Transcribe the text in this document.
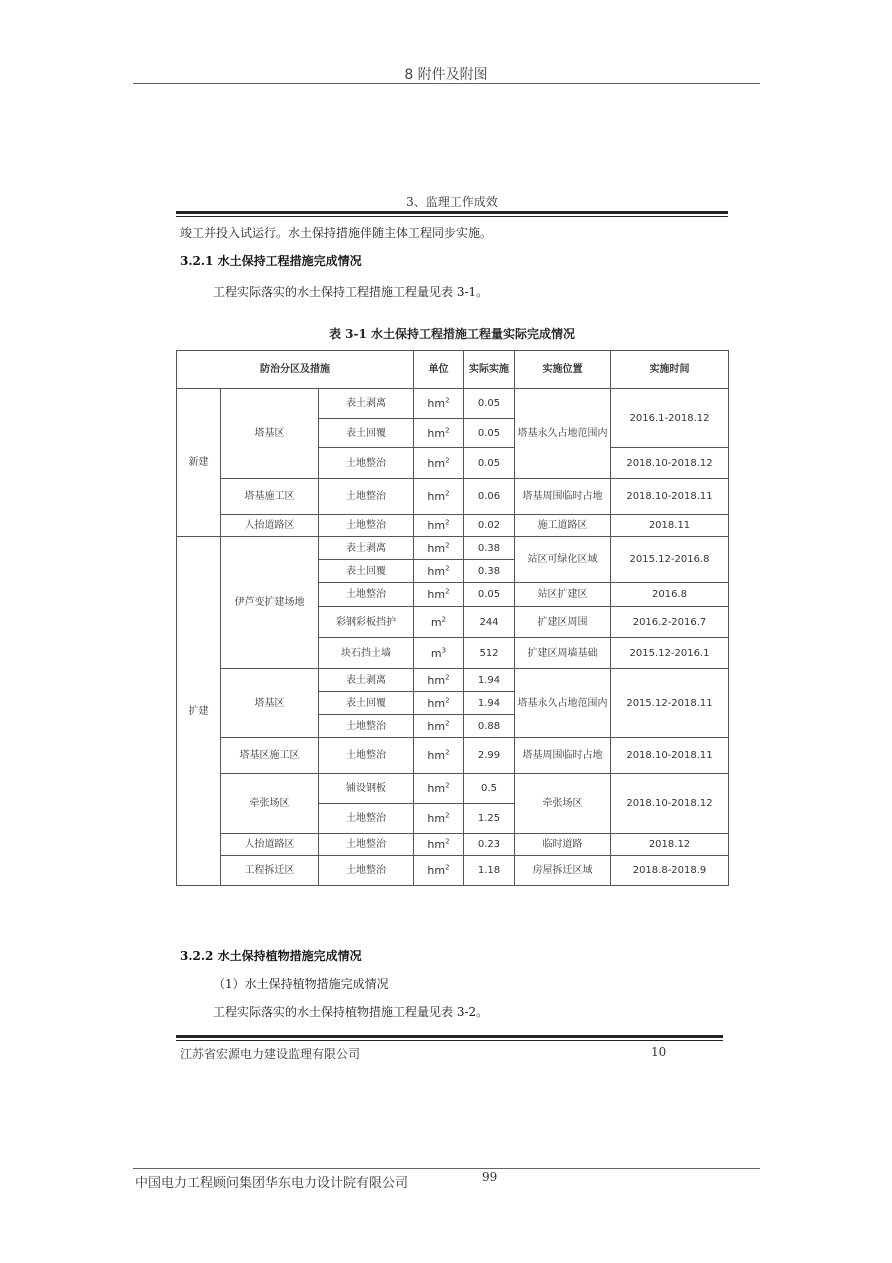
8 附件及附图
3、监理工作成效
竣工并投入试运行。水土保持措施伴随主体工程同步实施。
3.2.1 水土保持工程措施完成情况
工程实际落实的水土保持工程措施工程量见表 3-1。
表 3-1 水土保持工程措施工程量实际完成情况
防治分区及措施			单位	实际实施	实施位置	实施时间
新建	塔基区	表土剥离	$hm^2$	0.05	塔基永久占地范围内	2016.1-2018.12
		表土回覆	$hm^2$	0.05		
		土地整治	$hm^2$	0.05		2018.10-2018.12
	塔基施工区	土地整治	$hm^2$	0.06	塔基周围临时占地	2018.10-2018.11
	人抬道路区	土地整治	$hm^2$	0.02	施工道路区	2018.11
扩建	伊芦变扩建场地	表土剥离	$hm^2$	0.38	站区可绿化区域	2015.12-2016.8
		表土回覆	$hm^2$	0.38		
		土地整治	$hm^2$	0.05	站区扩建区	2016.8
		彩钢彩板挡护	$m^2$	244	扩建区周围	2016.2-2016.7
		块石挡土墙	$m^3$	512	扩建区周墙基础	2015.12-2016.1
	塔基区	表土剥离	$hm^2$	1.94	塔基永久占地范围内	2015.12-2018.11
		表土回覆	$hm^2$	1.94		
		土地整治	$hm^2$	0.88		
	塔基区施工区	土地整治	$hm^2$	2.99	塔基周围临时占地	2018.10-2018.11
	牵张场区	铺设钢板	$hm^2$	0.5	牵张场区	2018.10-2018.12
		土地整治	$hm^2$	1.25		
	人抬道路区	土地整治	$hm^2$	0.23	临时道路	2018.12
	工程拆迁区	土地整治	$hm^2$	1.18	房屋拆迁区域	2018.8-2018.9
3.2.2 水土保持植物措施完成情况
（1）水土保持植物措施完成情况
工程实际落实的水土保持植物措施工程量见表 3-2。
江苏省宏源电力建设监理有限公司	10
中国电力工程顾问集团华东电力设计院有限公司	99
